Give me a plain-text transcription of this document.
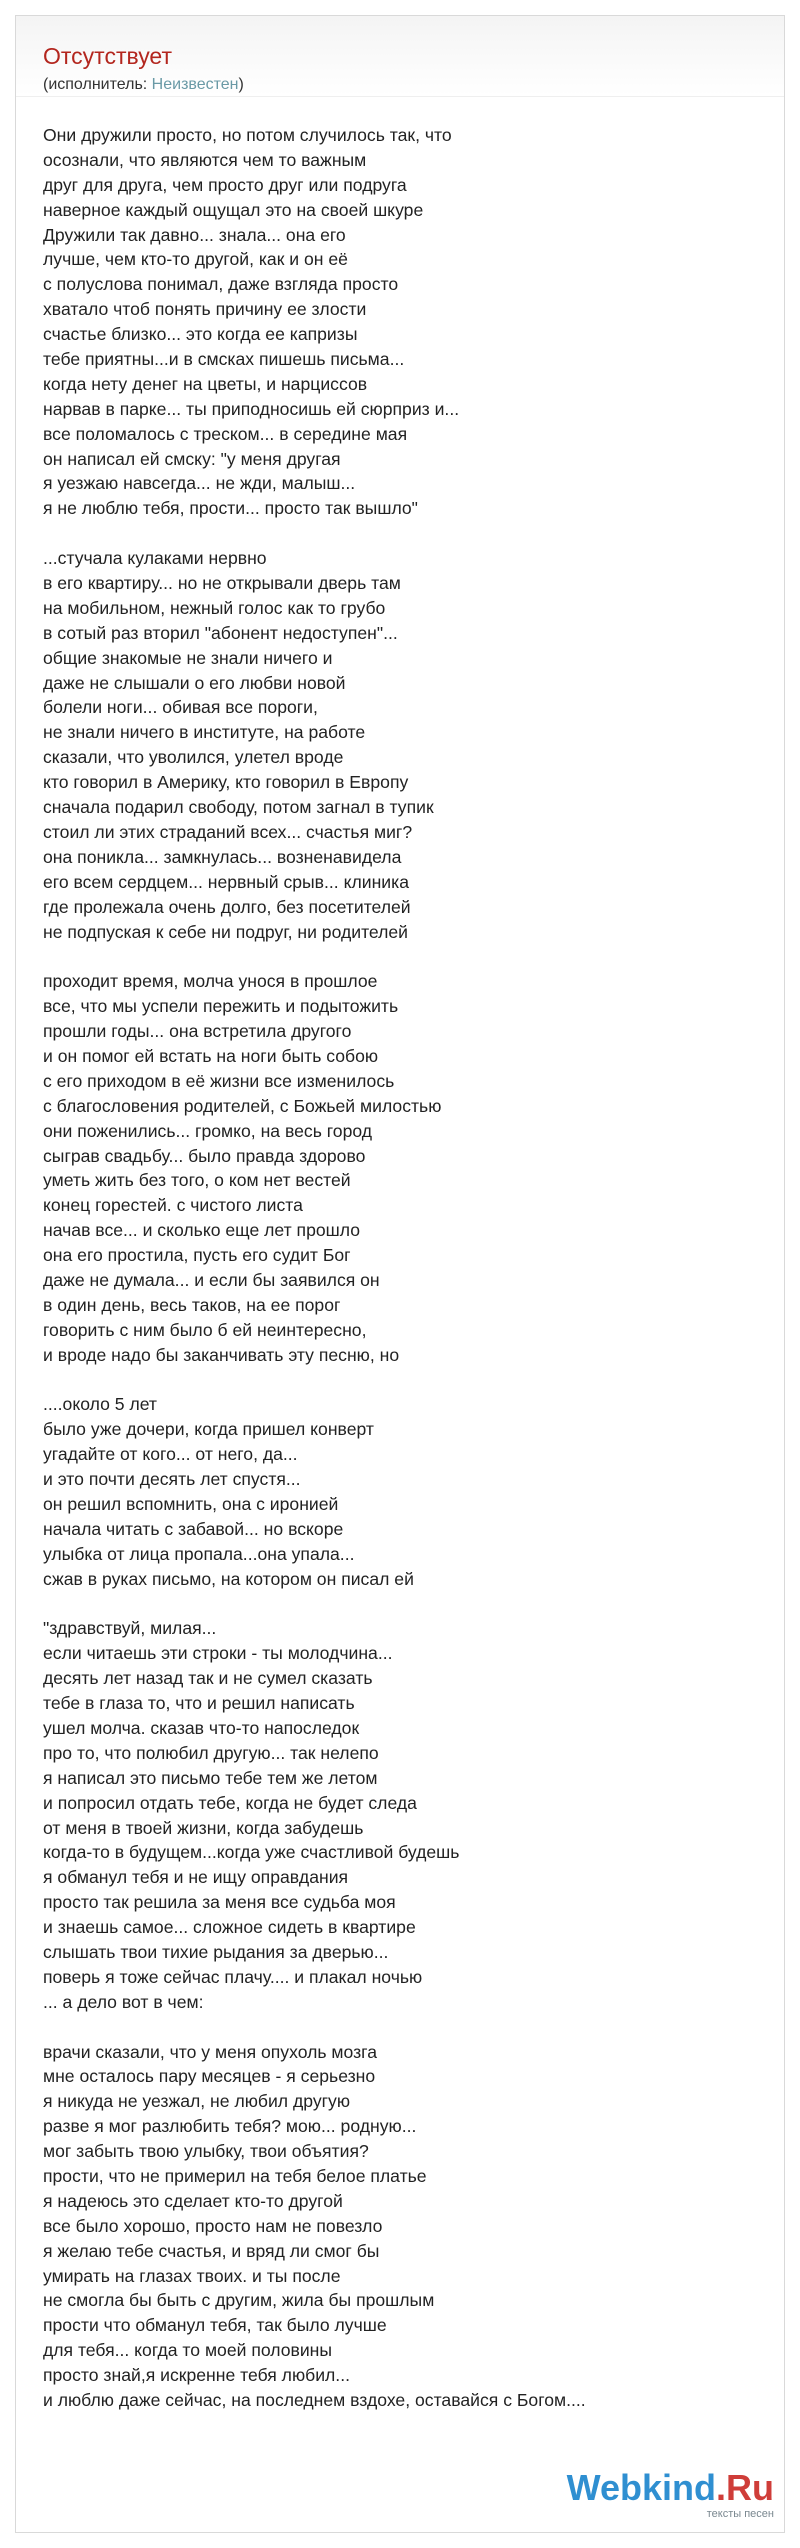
Отсутствует
(исполнитель: Неизвестен)
Они дружили просто, но потом случилось так, что
осознали, что являются чем то важным
друг для друга, чем просто друг или подруга
наверное каждый ощущал это на своей шкуре
Дружили так давно... знала... она его
лучше, чем кто-то другой, как и он её
с полуслова понимал, даже взгляда просто
хватало чтоб понять причину ее злости
счастье близко... это когда ее капризы
тебе приятны...и в смсках пишешь письма...
когда нету денег на цветы, и нарциссов
нарвав в парке... ты приподносишь ей сюрприз и...
все поломалось с треском... в середине мая
он написал ей смску: "у меня другая
я уезжаю навсегда... не жди, малыш...
я не люблю тебя, прости... просто так вышло"
...стучала кулаками нервно
в его квартиру... но не открывали дверь там
на мобильном, нежный голос как то грубо
в сотый раз вторил "абонент недоступен"...
общие знакомые не знали ничего и
даже не слышали о его любви новой
болели ноги... обивая все пороги,
не знали ничего в институте, на работе
сказали, что уволился, улетел вроде
кто говорил в Америку, кто говорил в Европу
сначала подарил свободу, потом загнал в тупик
стоил ли этих страданий всех... счастья миг?
она поникла... замкнулась... возненавидела
его всем сердцем... нервный срыв... клиника
где пролежала очень долго, без посетителей
не подпуская к себе ни подруг, ни родителей
проходит время, молча унося в прошлое
все, что мы успели пережить и подытожить
прошли годы... она встретила другого
и он помог ей встать на ноги быть собою
с его приходом в её жизни все изменилось
с благословения родителей, с Божьей милостью
они поженились... громко, на весь город
сыграв свадьбу... было правда здорово
уметь жить без того, о ком нет вестей
конец горестей. с чистого листа
начав все... и сколько еще лет прошло
она его простила, пусть его судит Бог
даже не думала... и если бы заявился он
в один день, весь таков, на ее порог
говорить с ним было б ей неинтересно,
и вроде надо бы заканчивать эту песню, но
....около 5 лет
было уже дочери, когда пришел конверт
угадайте от кого... от него, да...
и это почти десять лет спустя...
он решил вспомнить, она с иронией
начала читать с забавой... но вскоре
улыбка от лица пропала...она упала...
сжав в руках письмо, на котором он писал ей
"здравствуй, милая...
если читаешь эти строки - ты молодчина...
десять лет назад так и не сумел сказать
тебе в глаза то, что и решил написать
ушел молча. сказав что-то напоследок
про то, что полюбил другую... так нелепо
я написал это письмо тебе тем же летом
и попросил отдать тебе, когда не будет следа
от меня в твоей жизни, когда забудешь
когда-то в будущем...когда уже счастливой будешь
я обманул тебя и не ищу оправдания
просто так решила за меня все судьба моя
и знаешь самое... сложное сидеть в квартире
слышать твои тихие рыдания за дверью...
поверь я тоже сейчас плачу.... и плакал ночью
... а дело вот в чем:
врачи сказали, что у меня опухоль мозга
мне осталось пару месяцев - я серьезно
я никуда не уезжал, не любил другую
разве я мог разлюбить тебя? мою... родную...
мог забыть твою улыбку, твои объятия?
прости, что не примерил на тебя белое платье
я надеюсь это сделает кто-то другой
все было хорошо, просто нам не повезло
я желаю тебе счастья, и вряд ли смог бы
умирать на глазах твоих. и ты после
не смогла бы быть с другим, жила бы прошлым
прости что обманул тебя, так было лучше
для тебя... когда то моей половины
просто знай,я искренне тебя любил...
и люблю даже сейчас, на последнем вздохе, оставайся с Богом....
Webkind.Ru
тексты песен
